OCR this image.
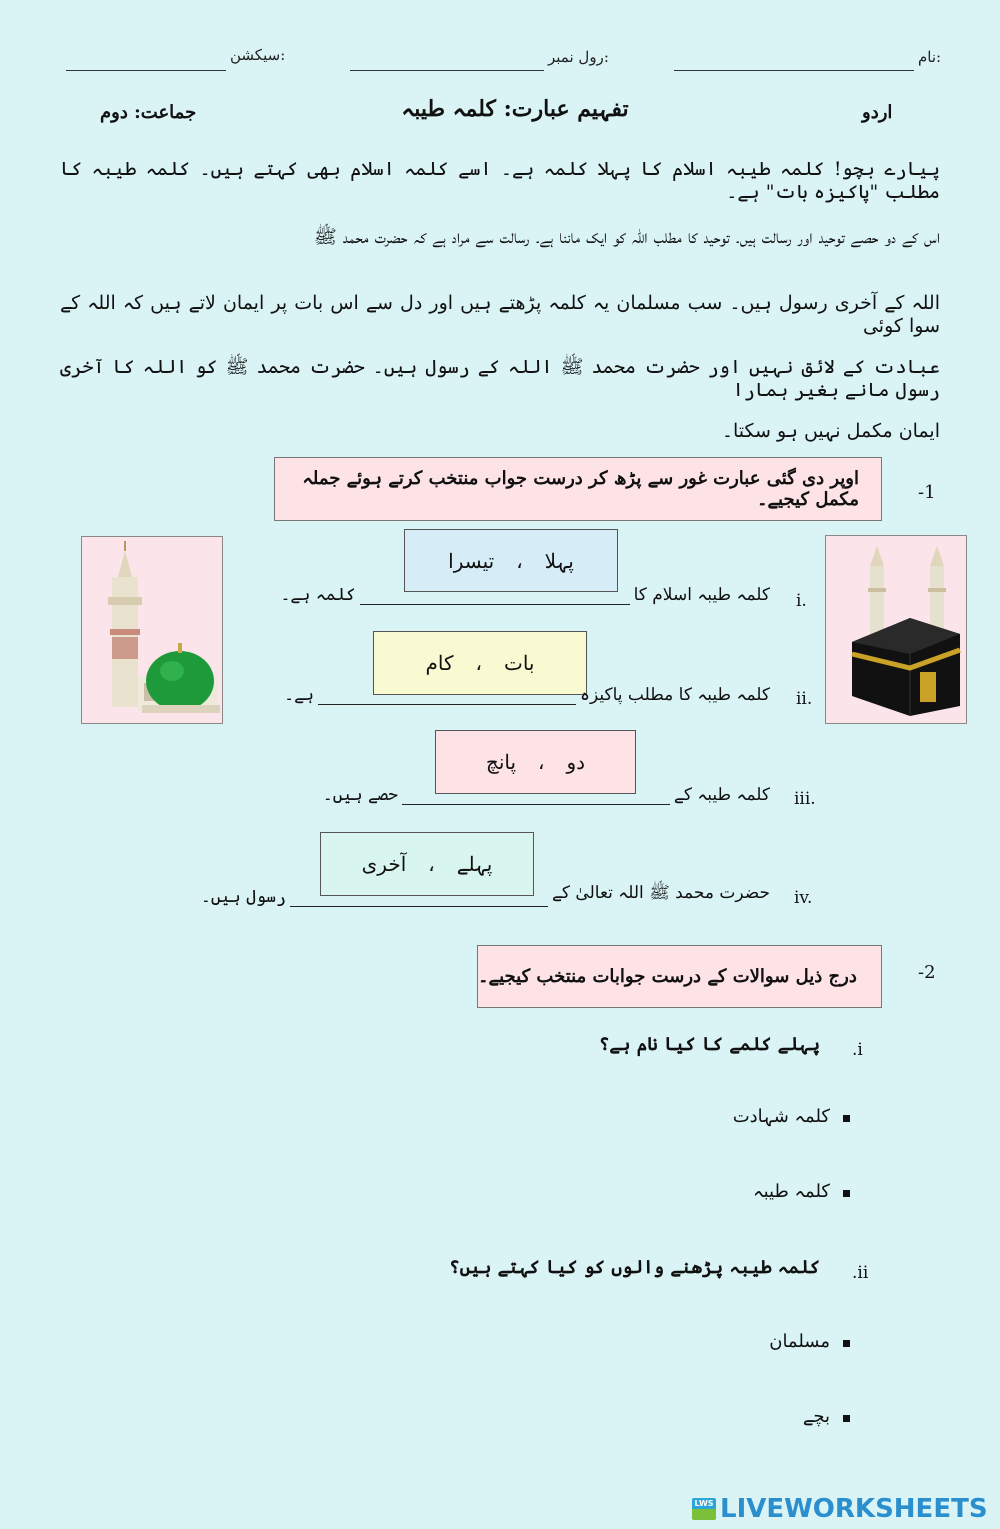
نام:
رول نمبر:
سیکشن:
اردو
تفہیم عبارت: کلمہ طیبہ
جماعت: دوم
پیارے بچو! کلمہ طیبہ اسلام کا پہلا کلمہ ہے۔ اسے کلمہ اسلام بھی کہتے ہیں۔ کلمہ طیبہ کا مطلب "پاکیزہ بات" ہے۔
اس کے دو حصے توحید اور رسالت ہیں۔ توحید کا مطلب اللہ کو ایک ماننا ہے۔ رسالت سے مراد ہے کہ حضرت محمد ﷺ
اللہ کے آخری رسول ہیں۔ سب مسلمان یہ کلمہ پڑھتے ہیں اور دل سے اس بات پر ایمان لاتے ہیں کہ اللہ کے سوا کوئی
عبادت کے لائق نہیں اور حضرت محمد ﷺ اللہ کے رسول ہیں۔ حضرت محمد ﷺ کو اللہ کا آخری رسول مانے بغیر ہمارا
ایمان مکمل نہیں ہو سکتا۔
-1
اوپر دی گئی عبارت غور سے پڑھ کر درست جواب منتخب کرتے ہوئے جملہ مکمل کیجیے۔
پہلا
،
تیسرا
i.
کلمہ طیبہ اسلام کا
کلمہ ہے۔
بات
،
کام
ii.
کلمہ طیبہ کا مطلب پاکیزہ
ہے۔
دو
،
پانچ
iii.
کلمہ طیبہ کے
حصے ہیں۔
پہلے
،
آخری
iv.
حضرت محمد ﷺ اللہ تعالیٰ کے
رسول ہیں۔
-2
درج ذیل سوالات کے درست جوابات منتخب کیجیے۔
.i
پہلے کلمے کا کیا نام ہے؟
کلمہ شہادت
کلمہ طیبہ
.ii
کلمہ طیبہ پڑھنے والوں کو کیا کہتے ہیں؟
مسلمان
بچے
LWS LIVEWORKSHEETS
